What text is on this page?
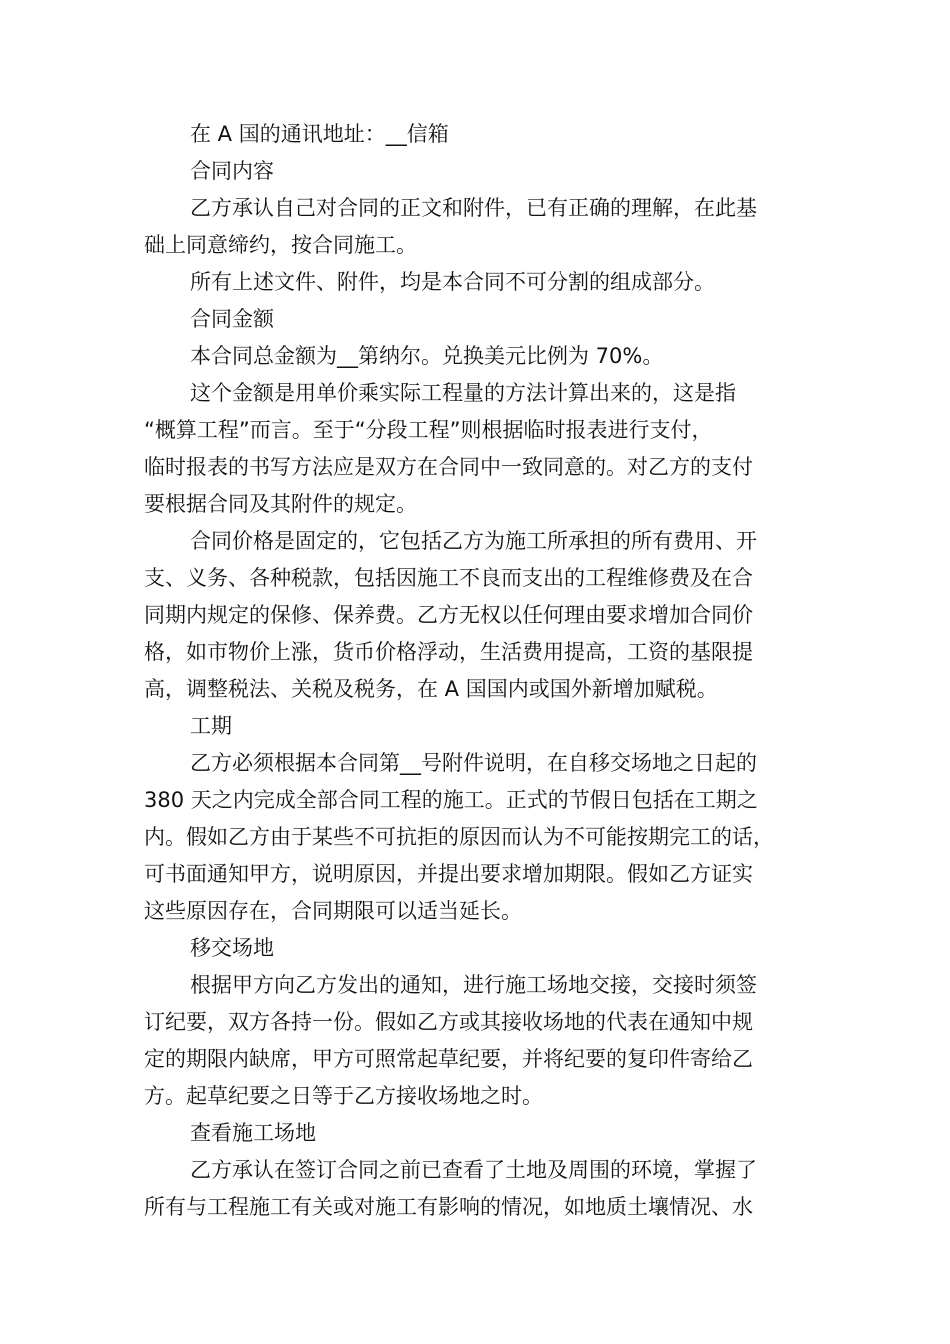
在 A 国的通讯地址：__信箱
合同内容
乙方承认自己对合同的正文和附件，已有正确的理解，在此基
础上同意缔约，按合同施工。
所有上述文件、附件，均是本合同不可分割的组成部分。
合同金额
本合同总金额为__第纳尔。兑换美元比例为 70%。
这个金额是用单价乘实际工程量的方法计算出来的，这是指
“概算工程”而言。至于“分段工程”则根据临时报表进行支付，
临时报表的书写方法应是双方在合同中一致同意的。对乙方的支付
要根据合同及其附件的规定。
合同价格是固定的，它包括乙方为施工所承担的所有费用、开
支、义务、各种税款，包括因施工不良而支出的工程维修费及在合
同期内规定的保修、保养费。乙方无权以任何理由要求增加合同价
格，如市物价上涨，货币价格浮动，生活费用提高，工资的基限提
高，调整税法、关税及税务，在 A 国国内或国外新增加赋税。
工期
乙方必须根据本合同第__号附件说明，在自移交场地之日起的
380 天之内完成全部合同工程的施工。正式的节假日包括在工期之
内。假如乙方由于某些不可抗拒的原因而认为不可能按期完工的话，
可书面通知甲方，说明原因，并提出要求增加期限。假如乙方证实
这些原因存在，合同期限可以适当延长。
移交场地
根据甲方向乙方发出的通知，进行施工场地交接，交接时须签
订纪要，双方各持一份。假如乙方或其接收场地的代表在通知中规
定的期限内缺席，甲方可照常起草纪要，并将纪要的复印件寄给乙
方。起草纪要之日等于乙方接收场地之时。
查看施工场地
乙方承认在签订合同之前已查看了土地及周围的环境，掌握了
所有与工程施工有关或对施工有影响的情况，如地质土壤情况、水
